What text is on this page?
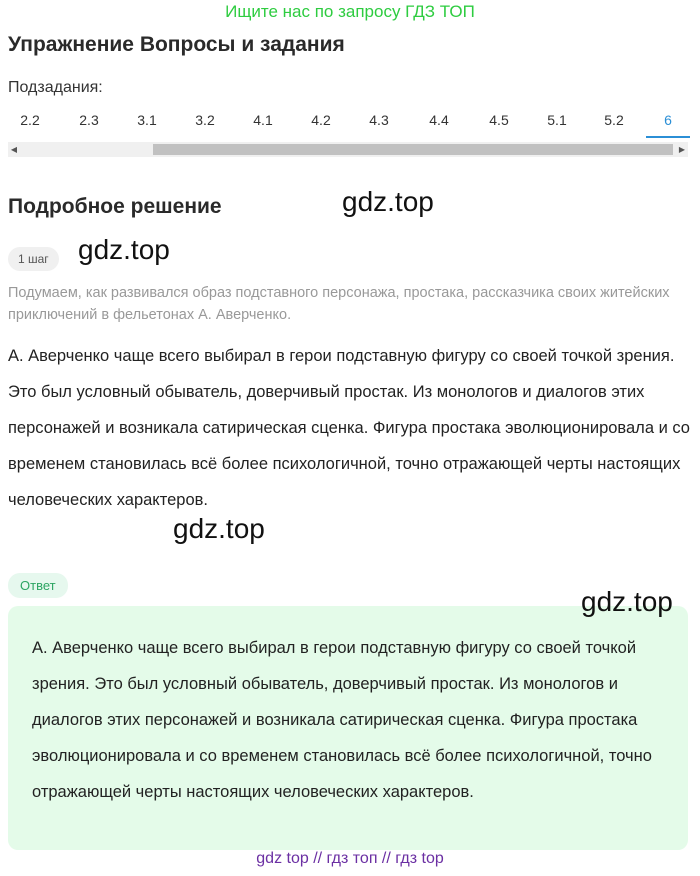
Ищите нас по запросу ГДЗ ТОП
Упражнение Вопросы и задания
Подзадания:
2.2	2.3	3.1	3.2	4.1	4.2	4.3	4.4	4.5	5.1	5.2	6
◀	▶
Подробное решение	gdz.top
gdz.top
1 шаг

Подумаем, как развивался образ подставного персонажа, простака, рассказчика своих житейских приключений в фельетонах А. Аверченко.

А. Аверченко чаще всего выбирал в герои подставную фигуру со своей точкой зрения. Это был условный обыватель, доверчивый простак. Из монологов и диалогов этих персонажей и возникала сатирическая сценка. Фигура простака эволюционировала и со временем становилась всё более психологичной, точно отражающей черты настоящих человеческих характеров.

gdz.top
Ответ

А. Аверченко чаще всего выбирал в герои подставную фигуру со своей точкой зрения. Это был условный обыватель, доверчивый простак. Из монологов и диалогов этих персонажей и возникала сатирическая сценка. Фигура простака эволюционировала и со временем становилась всё более психологичной, точно отражающей черты настоящих человеческих характеров.

gdz.top
gdz top // гдз топ // гдз top
